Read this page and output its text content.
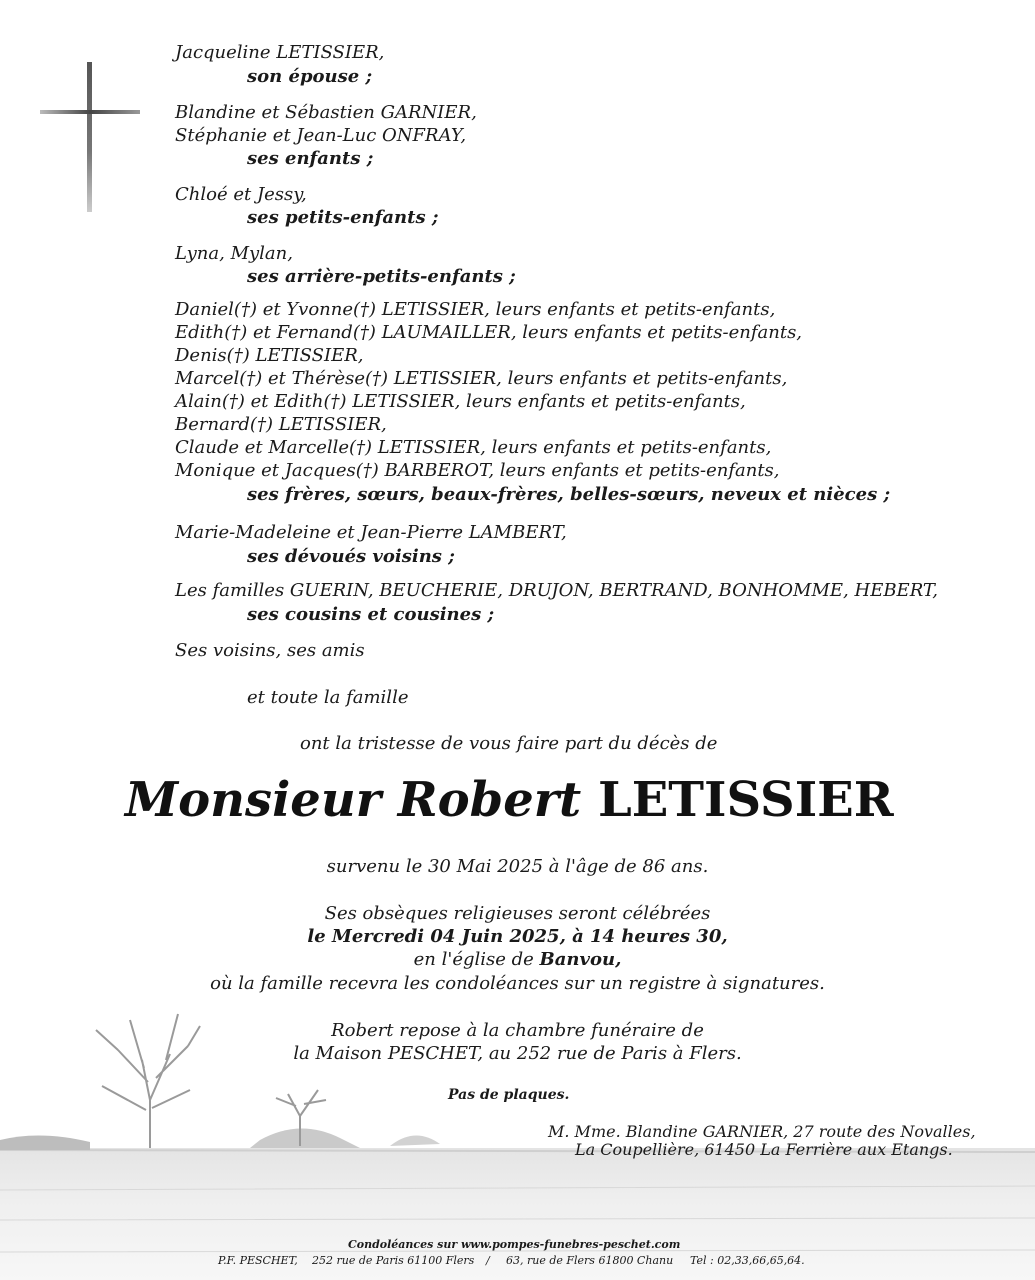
Jacqueline LETISSIER,
son épouse ;
Blandine et Sébastien GARNIER,
Stéphanie et Jean-Luc ONFRAY,
ses enfants ;
Chloé et Jessy,
ses petits-enfants ;
Lyna, Mylan,
ses arrière-petits-enfants ;
Daniel(†) et Yvonne(†) LETISSIER, leurs enfants et petits-enfants,
Edith(†) et Fernand(†) LAUMAILLER, leurs enfants et petits-enfants,
Denis(†) LETISSIER,
Marcel(†) et Thérèse(†) LETISSIER, leurs enfants et petits-enfants,
Alain(†) et Edith(†) LETISSIER, leurs enfants et petits-enfants,
Bernard(†) LETISSIER,
Claude et Marcelle(†) LETISSIER, leurs enfants et petits-enfants,
Monique et Jacques(†) BARBEROT, leurs enfants et petits-enfants,
ses frères, sœurs, beaux-frères, belles-sœurs, neveux et nièces ;
Marie-Madeleine et Jean-Pierre LAMBERT,
ses dévoués voisins ;
Les familles GUERIN, BEUCHERIE, DRUJON, BERTRAND, BONHOMME, HEBERT,
ses cousins et cousines ;
Ses voisins, ses amis
et toute la famille
ont la tristesse de vous faire part du décès de
Monsieur Robert LETISSIER
survenu le 30 Mai 2025 à l'âge de 86 ans.
Ses obsèques religieuses seront célébrées
le Mercredi 04 Juin 2025, à 14 heures 30,
en l'église de Banvou,
où la famille recevra les condoléances sur un registre à signatures.
Robert repose à la chambre funéraire de
la Maison PESCHET, au 252 rue de Paris à Flers.
Pas de plaques.
M. Mme. Blandine GARNIER, 27 route des Novalles,
La Coupellière, 61450 La Ferrière aux Etangs.
Condoléances sur www.pompes-funebres-peschet.com
P.F. PESCHET, 252 rue de Paris 61100 Flers / 63, rue de Flers 61800 Chanu Tel : 02,33,66,65,64.
